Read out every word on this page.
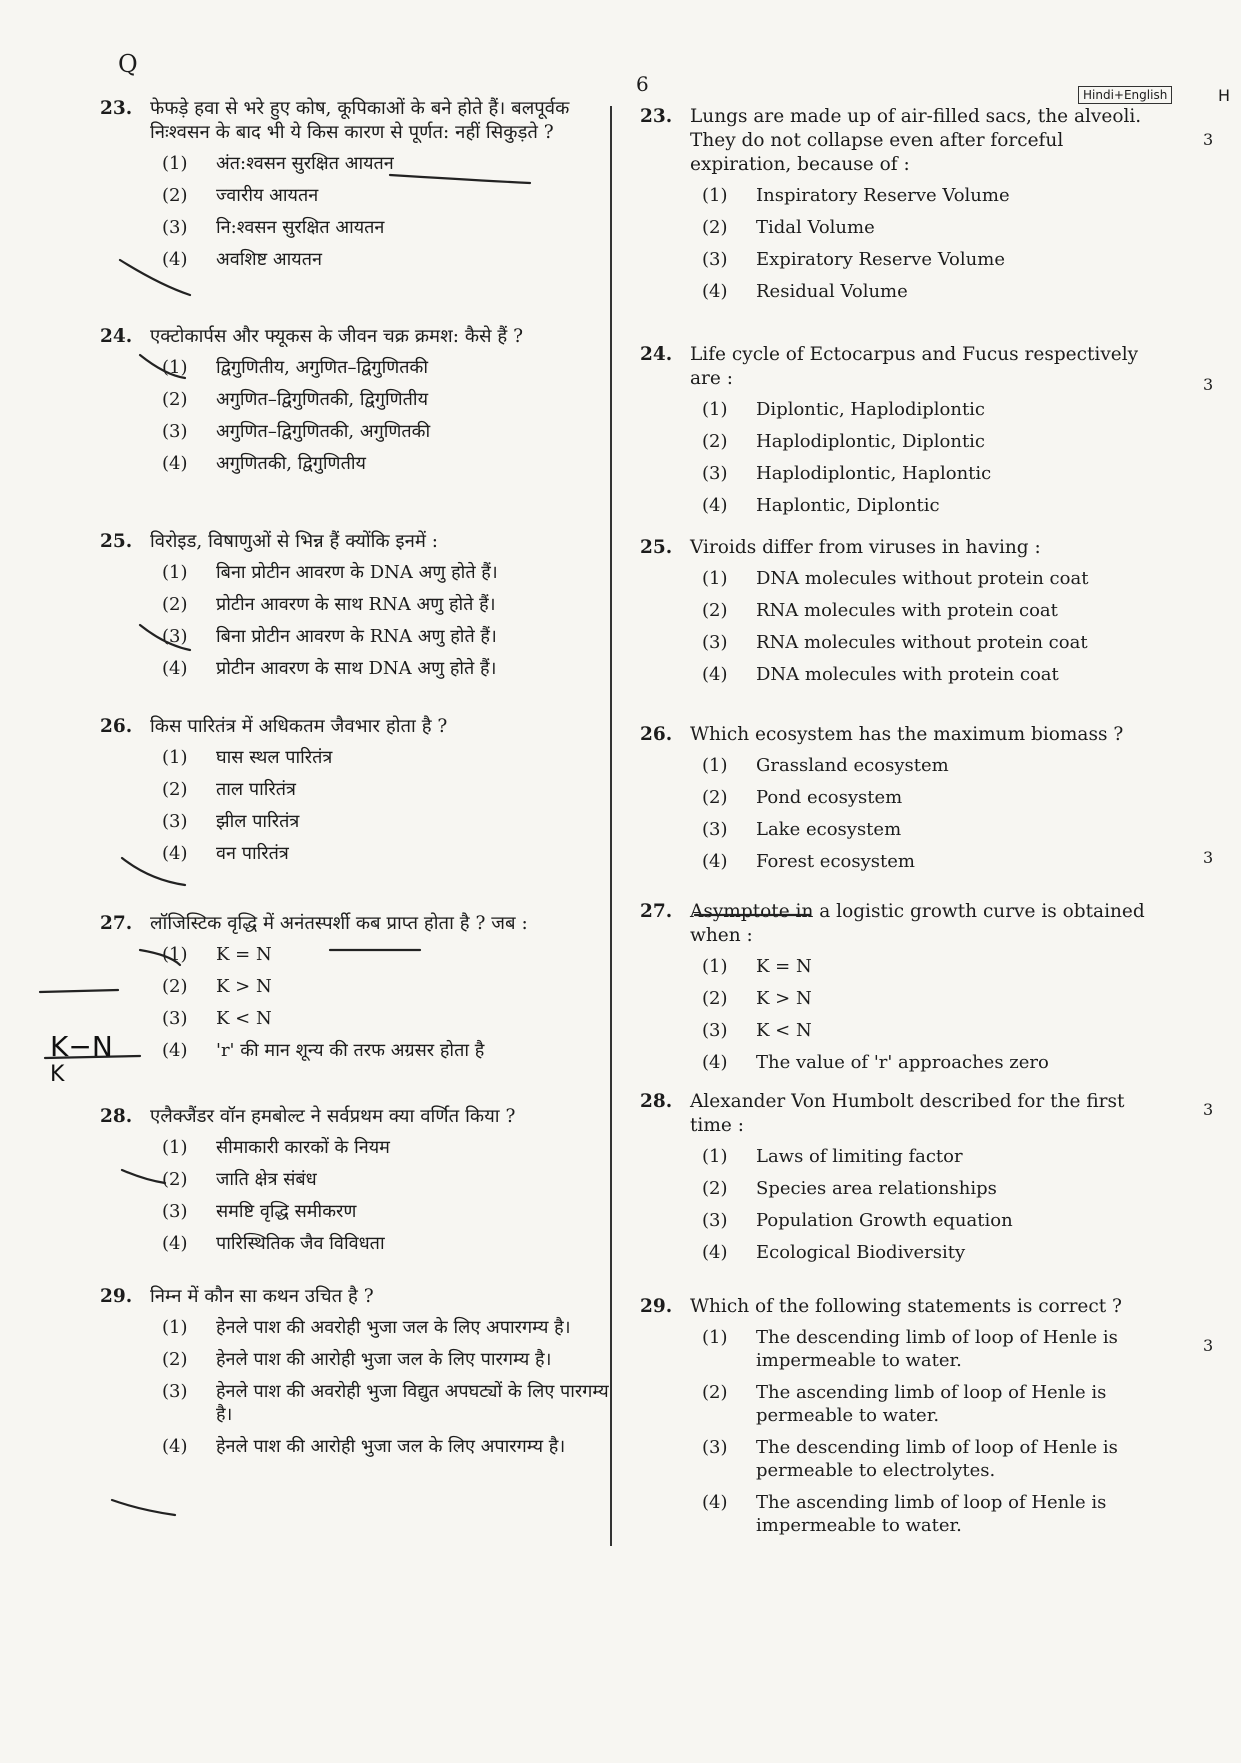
Q
6	Hindi+English	H
23. फेफड़े हवा से भरे हुए कोष, कूपिकाओं के बने होते हैं। बलपूर्वक निःश्वसन के बाद भी ये किस कारण से पूर्णत: नहीं सिकुड़ते ?
(1)	अंत:श्वसन सुरक्षित आयतन
(2)	ज्वारीय आयतन
(3)	नि:श्वसन सुरक्षित आयतन
(4)	अवशिष्ट आयतन
24. एक्टोकार्पस और फ्यूकस के जीवन चक्र क्रमश: कैसे हैं ?
(1)	द्विगुणितीय, अगुणित–द्विगुणितकी
(2)	अगुणित–द्विगुणितकी, द्विगुणितीय
(3)	अगुणित–द्विगुणितकी, अगुणितकी
(4)	अगुणितकी, द्विगुणितीय
25. विरोइड, विषाणुओं से भिन्न हैं क्योंकि इनमें :
(1)	बिना प्रोटीन आवरण के DNA अणु होते हैं।
(2)	प्रोटीन आवरण के साथ RNA अणु होते हैं।
(3)	बिना प्रोटीन आवरण के RNA अणु होते हैं।
(4)	प्रोटीन आवरण के साथ DNA अणु होते हैं।
26. किस पारितंत्र में अधिकतम जैवभार होता है ?
(1)	घास स्थल पारितंत्र
(2)	ताल पारितंत्र
(3)	झील पारितंत्र
(4)	वन पारितंत्र
27. लॉजिस्टिक वृद्धि में अनंतस्पर्शी कब प्राप्त होता है ? जब :
(1)	K = N
(2)	K > N
(3)	K < N
(4)	'r' की मान शून्य की तरफ अग्रसर होता है
28. एलैक्जैंडर वॉन हमबोल्ट ने सर्वप्रथम क्या वर्णित किया ?
(1)	सीमाकारी कारकों के नियम
(2)	जाति क्षेत्र संबंध
(3)	समष्टि वृद्धि समीकरण
(4)	पारिस्थितिक जैव विविधता
29. निम्न में कौन सा कथन उचित है ?
(1)	हेनले पाश की अवरोही भुजा जल के लिए अपारगम्य है।
(2)	हेनले पाश की आरोही भुजा जल के लिए पारगम्य है।
(3)	हेनले पाश की अवरोही भुजा विद्युत अपघट्यों के लिए पारगम्य है।
(4)	हेनले पाश की आरोही भुजा जल के लिए अपारगम्य है।
23. Lungs are made up of air-filled sacs, the alveoli. They do not collapse even after forceful expiration, because of :
(1)	Inspiratory Reserve Volume
(2)	Tidal Volume
(3)	Expiratory Reserve Volume
(4)	Residual Volume
24. Life cycle of Ectocarpus and Fucus respectively are :
(1)	Diplontic, Haplodiplontic
(2)	Haplodiplontic, Diplontic
(3)	Haplodiplontic, Haplontic
(4)	Haplontic, Diplontic
25. Viroids differ from viruses in having :
(1)	DNA molecules without protein coat
(2)	RNA molecules with protein coat
(3)	RNA molecules without protein coat
(4)	DNA molecules with protein coat
26. Which ecosystem has the maximum biomass ?
(1)	Grassland ecosystem
(2)	Pond ecosystem
(3)	Lake ecosystem
(4)	Forest ecosystem
27. Asymptote in a logistic growth curve is obtained when :
(1)	K = N
(2)	K > N
(3)	K < N
(4)	The value of 'r' approaches zero
28. Alexander Von Humbolt described for the first time :
(1)	Laws of limiting factor
(2)	Species area relationships
(3)	Population Growth equation
(4)	Ecological Biodiversity
29. Which of the following statements is correct ?
(1)	The descending limb of loop of Henle is impermeable to water.
(2)	The ascending limb of loop of Henle is permeable to water.
(3)	The descending limb of loop of Henle is permeable to electrolytes.
(4)	The ascending limb of loop of Henle is impermeable to water.
3
3
3
3
3
K−N
K
